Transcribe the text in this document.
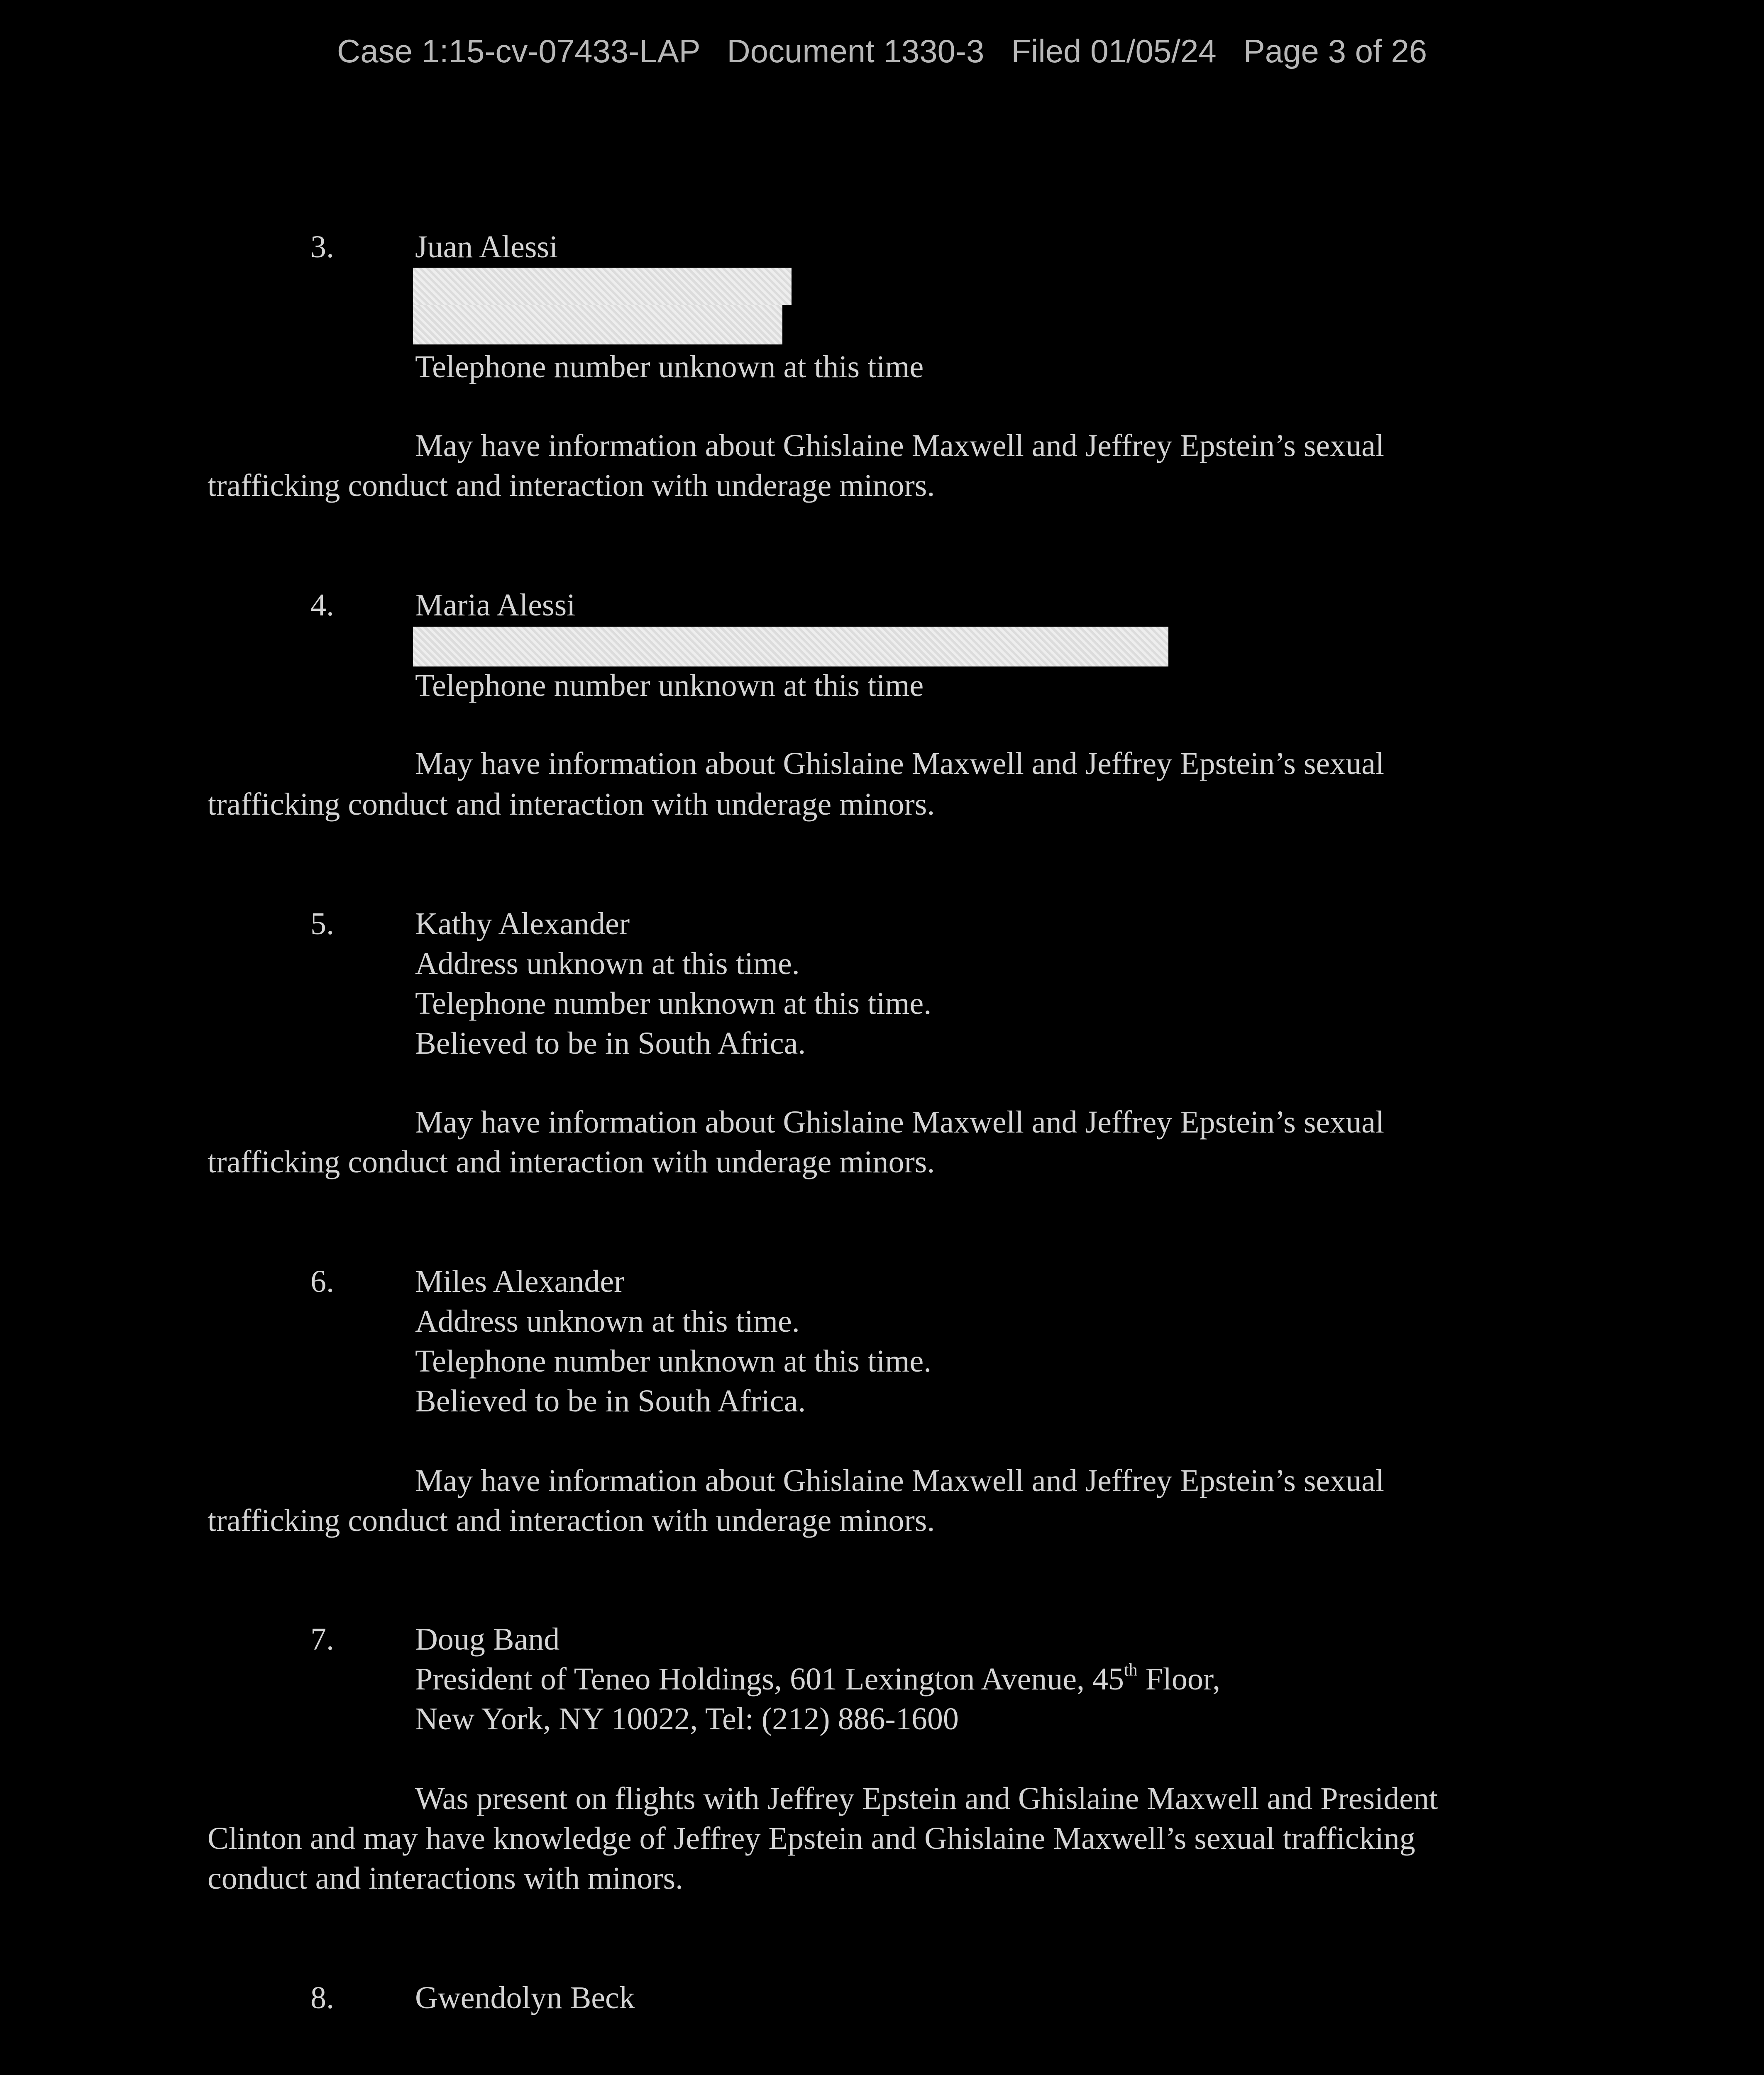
Case 1:15-cv-07433-LAP Document 1330-3 Filed 01/05/24 Page 3 of 26
3.	Juan Alessi
Telephone number unknown at this time
May have information about Ghislaine Maxwell and Jeffrey Epstein’s sexual
trafficking conduct and interaction with underage minors.
4.	Maria Alessi
Telephone number unknown at this time
May have information about Ghislaine Maxwell and Jeffrey Epstein’s sexual
trafficking conduct and interaction with underage minors.
5.	Kathy Alexander
Address unknown at this time.
Telephone number unknown at this time.
Believed to be in South Africa.
May have information about Ghislaine Maxwell and Jeffrey Epstein’s sexual
trafficking conduct and interaction with underage minors.
6.	Miles Alexander
Address unknown at this time.
Telephone number unknown at this time.
Believed to be in South Africa.
May have information about Ghislaine Maxwell and Jeffrey Epstein’s sexual
trafficking conduct and interaction with underage minors.
7.	Doug Band
President of Teneo Holdings, 601 Lexington Avenue, 45th Floor,
New York, NY 10022, Tel: (212) 886-1600
Was present on flights with Jeffrey Epstein and Ghislaine Maxwell and President
Clinton and may have knowledge of Jeffrey Epstein and Ghislaine Maxwell’s sexual trafficking
conduct and interactions with minors.
8.	Gwendolyn Beck
